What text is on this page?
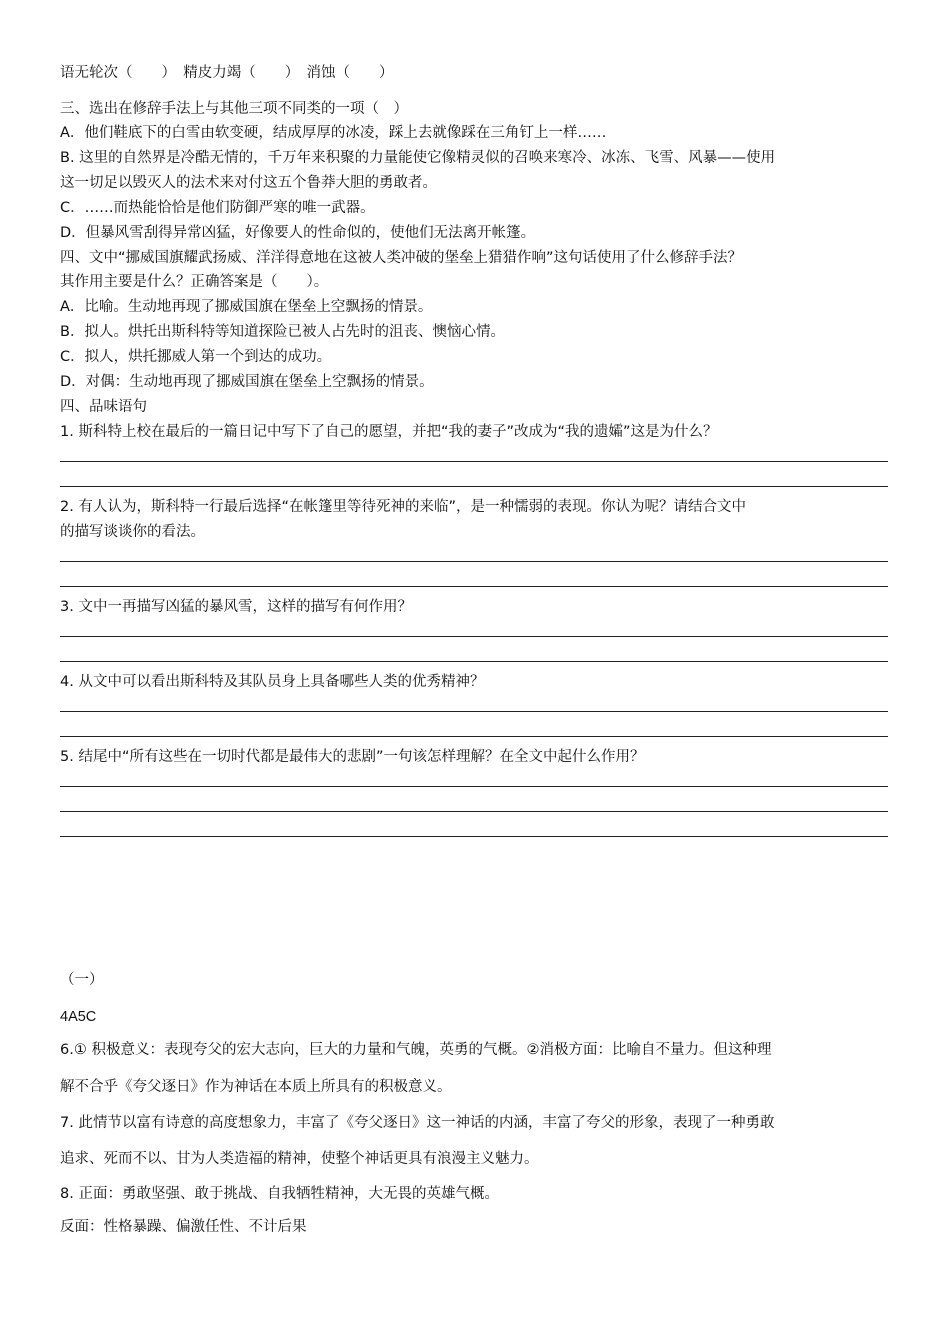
语无轮次（　　）　精皮力竭（　　）　消蚀（　　）
三、选出在修辞手法上与其他三项不同类的一项（　）
A．他们鞋底下的白雪由软变硬，结成厚厚的冰凌，踩上去就像踩在三角钉上一样……
B. 这里的自然界是冷酷无情的，千万年来积聚的力量能使它像精灵似的召唤来寒冷、冰冻、飞雪、风暴——使用
这一切足以毁灭人的法术来对付这五个鲁莽大胆的勇敢者。
C．……而热能恰恰是他们防御严寒的唯一武器。
D．但暴风雪刮得异常凶猛，好像要人的性命似的，使他们无法离开帐篷。
四、文中“挪威国旗耀武扬威、洋洋得意地在这被人类冲破的堡垒上猎猎作响”这句话使用了什么修辞手法？
其作用主要是什么？正确答案是（　　）。
A．比喻。生动地再现了挪威国旗在堡垒上空飘扬的情景。
B．拟人。烘托出斯科特等知道探险已被人占先时的沮丧、懊恼心情。
C．拟人，烘托挪威人第一个到达的成功。
D．对偶：生动地再现了挪威国旗在堡垒上空飘扬的情景。
四、品味语句
1. 斯科特上校在最后的一篇日记中写下了自己的愿望，并把“我的妻子”改成为“我的遗孀”这是为什么？
2. 有人认为，斯科特一行最后选择“在帐篷里等待死神的来临”，是一种懦弱的表现。你认为呢？请结合文中
的描写谈谈你的看法。
3. 文中一再描写凶猛的暴风雪，这样的描写有何作用？
4. 从文中可以看出斯科特及其队员身上具备哪些人类的优秀精神？
5. 结尾中“所有这些在一切时代都是最伟大的悲剧”一句该怎样理解？在全文中起什么作用？
（一）
4A5C
6.① 积极意义：表现夸父的宏大志向，巨大的力量和气魄，英勇的气概。②消极方面：比喻自不量力。但这种理
解不合乎《夸父逐日》作为神话在本质上所具有的积极意义。
7. 此情节以富有诗意的高度想象力，丰富了《夸父逐日》这一神话的内涵，丰富了夸父的形象，表现了一种勇敢
追求、死而不以、甘为人类造福的精神，使整个神话更具有浪漫主义魅力。
8. 正面：勇敢坚强、敢于挑战、自我牺牲精神，大无畏的英雄气概。
反面：性格暴躁、偏激任性、不计后果
